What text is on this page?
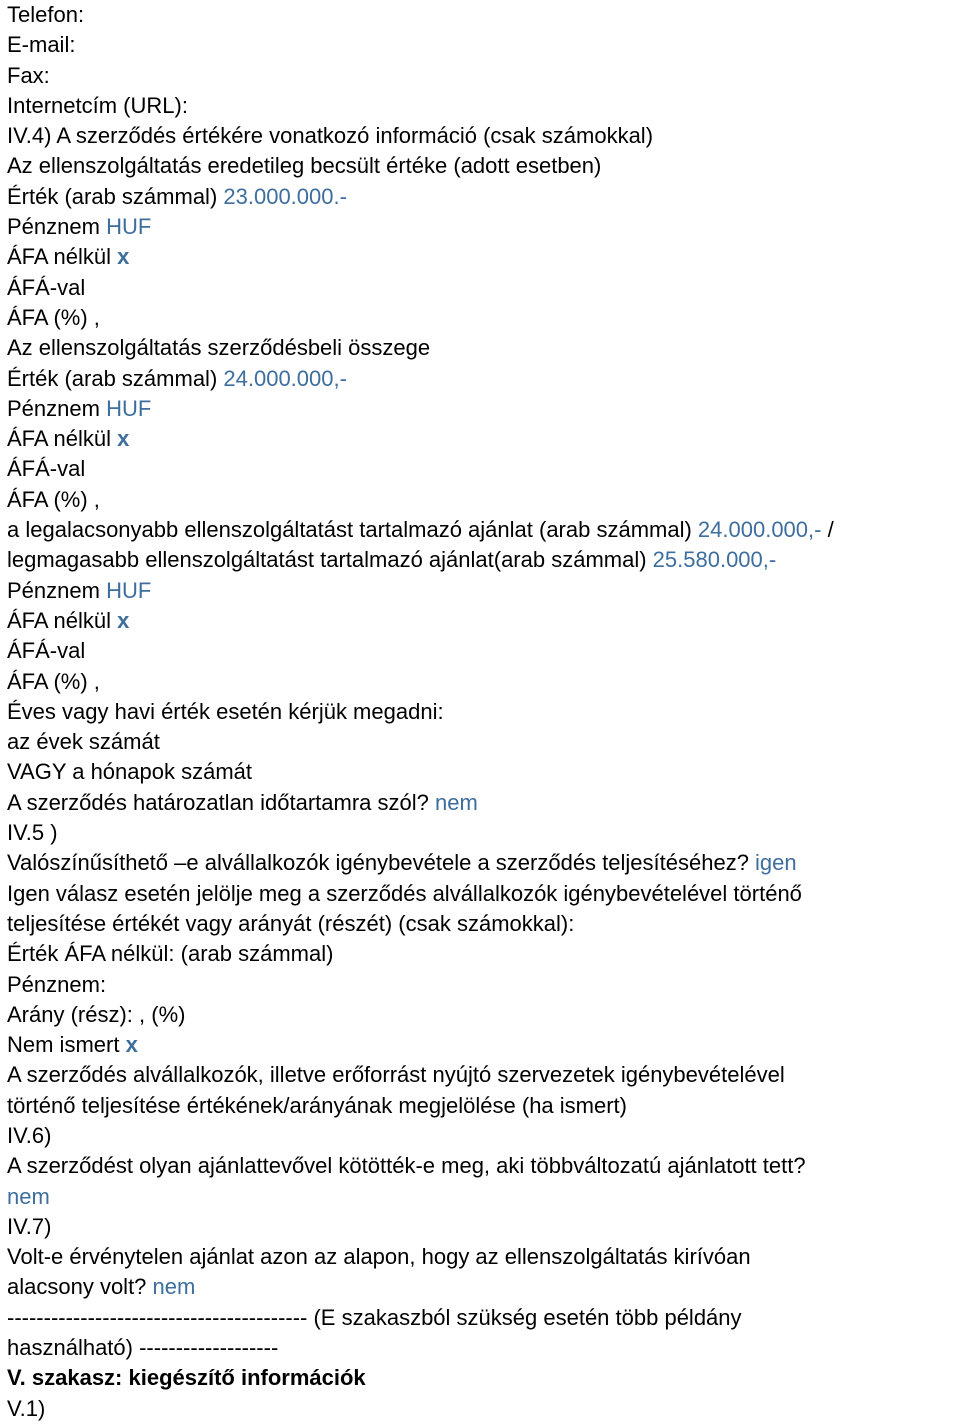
Telefon:
E-mail:
Fax:
Internetcím (URL):
IV.4) A szerződés értékére vonatkozó információ (csak számokkal)
Az ellenszolgáltatás eredetileg becsült értéke (adott esetben)
Érték (arab számmal) 23.000.000.-
Pénznem HUF
ÁFA nélkül x
ÁFÁ-val
ÁFA (%) ,
Az ellenszolgáltatás szerződésbeli összege
Érték (arab számmal) 24.000.000,-
Pénznem HUF
ÁFA nélkül x
ÁFÁ-val
ÁFA (%) ,
a legalacsonyabb ellenszolgáltatást tartalmazó ajánlat (arab számmal) 24.000.000,- /
legmagasabb ellenszolgáltatást tartalmazó ajánlat(arab számmal) 25.580.000,-
Pénznem HUF
ÁFA nélkül x
ÁFÁ-val
ÁFA (%) ,
Éves vagy havi érték esetén kérjük megadni:
az évek számát
VAGY a hónapok számát
A szerződés határozatlan időtartamra szól? nem
IV.5 )
Valószínűsíthető –e alvállalkozók igénybevétele a szerződés teljesítéséhez? igen
Igen válasz esetén jelölje meg a szerződés alvállalkozók igénybevételével történő
teljesítése értékét vagy arányát (részét) (csak számokkal):
Érték ÁFA nélkül: (arab számmal)
Pénznem:
Arány (rész): , (%)
Nem ismert x
A szerződés alvállalkozók, illetve erőforrást nyújtó szervezetek igénybevételével
történő teljesítése értékének/arányának megjelölése (ha ismert)
IV.6)
A szerződést olyan ajánlattevővel kötötték-e meg, aki többváltozatú ajánlatott tett?
nem
IV.7)
Volt-e érvénytelen ajánlat azon az alapon, hogy az ellenszolgáltatás kirívóan
alacsony volt? nem
----------------------------------------- (E szakaszból szükség esetén több példány
használható) -------------------
V. szakasz: kiegészítő információk
V.1)
